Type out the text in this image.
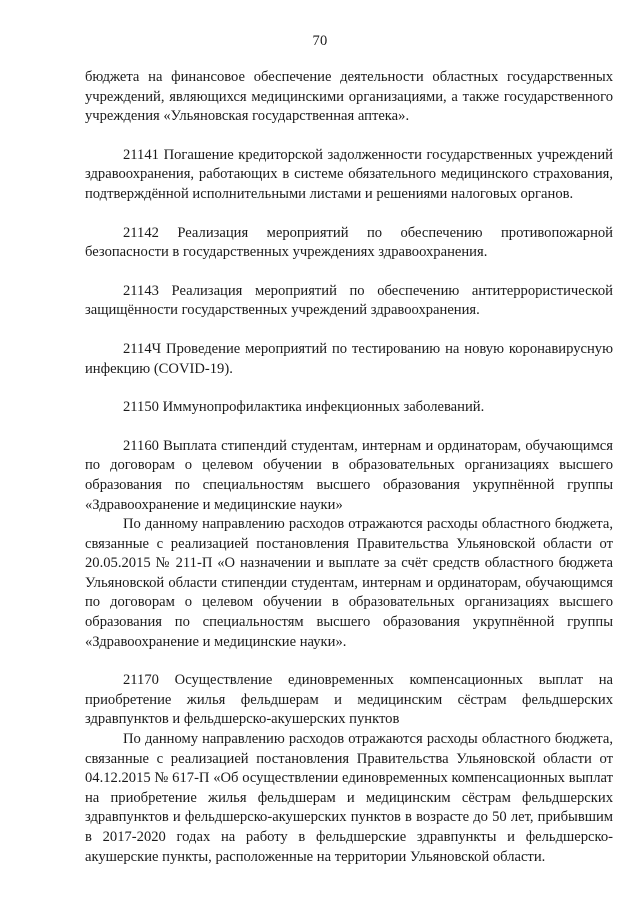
70

бюджета на финансовое обеспечение деятельности областных государственных учреждений, являющихся медицинскими организациями, а также государственного учреждения «Ульяновская государственная аптека».

21141 Погашение кредиторской задолженности государственных учреждений здравоохранения, работающих в системе обязательного медицинского страхования, подтверждённой исполнительными листами и решениями налоговых органов.

21142 Реализация мероприятий по обеспечению противопожарной безопасности в государственных учреждениях здравоохранения.

21143 Реализация мероприятий по обеспечению антитеррористической защищённости государственных учреждений здравоохранения.

2114Ч Проведение мероприятий по тестированию на новую коронавирусную инфекцию (COVID-19).

21150 Иммунопрофилактика инфекционных заболеваний.

21160 Выплата стипендий студентам, интернам и ординаторам, обучающимся по договорам о целевом обучении в образовательных организациях высшего образования по специальностям высшего образования укрупнённой группы «Здравоохранение и медицинские науки»

По данному направлению расходов отражаются расходы областного бюджета, связанные с реализацией постановления Правительства Ульяновской области от 20.05.2015 № 211-П «О назначении и выплате за счёт средств областного бюджета Ульяновской области стипендии студентам, интернам и ординаторам, обучающимся по договорам о целевом обучении в образовательных организациях высшего образования по специальностям высшего образования укрупнённой группы «Здравоохранение и медицинские науки».

21170 Осуществление единовременных компенсационных выплат на приобретение жилья фельдшерам и медицинским сёстрам фельдшерских здравпунктов и фельдшерско-акушерских пунктов

По данному направлению расходов отражаются расходы областного бюджета, связанные с реализацией постановления Правительства Ульяновской области от 04.12.2015 № 617-П «Об осуществлении единовременных компенсационных выплат на приобретение жилья фельдшерам и медицинским сёстрам фельдшерских здравпунктов и фельдшерско-акушерских пунктов в возрасте до 50 лет, прибывшим в 2017-2020 годах на работу в фельдшерские здравпункты и фельдшерско-акушерские пункты, расположенные на территории Ульяновской области.
